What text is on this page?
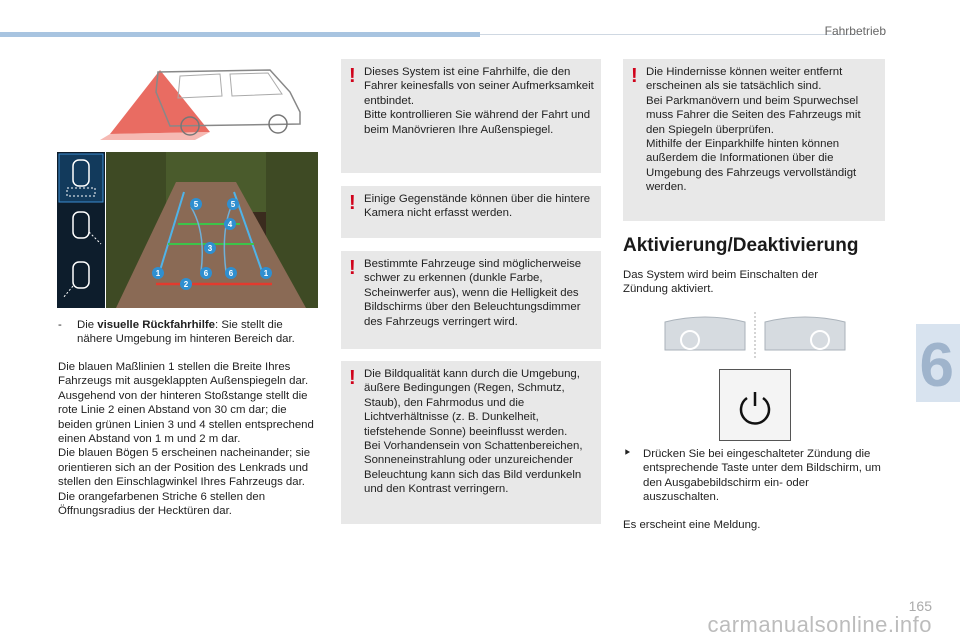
Fahrbetrieb
6
5	5
4
3
1	6	6	1
2
- Die visuelle Rückfahrhilfe: Sie stellt die nähere Umgebung im hinteren Bereich dar.
Die blauen Maßlinien 1 stellen die Breite Ihres Fahrzeugs mit ausgeklappten Außenspiegeln dar.
Ausgehend von der hinteren Stoßstange stellt die rote Linie 2 einen Abstand von 30 cm dar; die beiden grünen Linien 3 und 4 stellen entsprechend einen Abstand von 1 m und 2 m dar.
Die blauen Bögen 5 erscheinen nacheinander; sie orientieren sich an der Position des Lenkrads und stellen den Einschlagwinkel Ihres Fahrzeugs dar.
Die orangefarbenen Striche 6 stellen den Öffnungsradius der Hecktüren dar.
! Dieses System ist eine Fahrhilfe, die den Fahrer keinesfalls von seiner Aufmerksamkeit entbindet.
Bitte kontrollieren Sie während der Fahrt und beim Manövrieren Ihre Außenspiegel.
! Einige Gegenstände können über die hintere Kamera nicht erfasst werden.
! Bestimmte Fahrzeuge sind möglicherweise schwer zu erkennen (dunkle Farbe, Scheinwerfer aus), wenn die Helligkeit des Bildschirms über den Beleuchtungsdimmer des Fahrzeugs verringert wird.
! Die Bildqualität kann durch die Umgebung, äußere Bedingungen (Regen, Schmutz, Staub), den Fahrmodus und die Lichtverhältnisse (z. B. Dunkelheit, tiefstehende Sonne) beeinflusst werden.
Bei Vorhandensein von Schattenbereichen, Sonneneinstrahlung oder unzureichender Beleuchtung kann sich das Bild verdunkeln und den Kontrast verringern.
! Die Hindernisse können weiter entfernt erscheinen als sie tatsächlich sind.
Bei Parkmanövern und beim Spurwechsel muss Fahrer die Seiten des Fahrzeugs mit den Spiegeln überprüfen.
Mithilfe der Einparkhilfe hinten können außerdem die Informationen über die Umgebung des Fahrzeugs vervollständigt werden.
Aktivierung/Deaktivierung
Das System wird beim Einschalten der Zündung aktiviert.
⯈ Drücken Sie bei eingeschalteter Zündung die entsprechende Taste unter dem Bildschirm, um den Ausgabebildschirm ein- oder auszuschalten.
Es erscheint eine Meldung.
165
carmanualsonline.info
